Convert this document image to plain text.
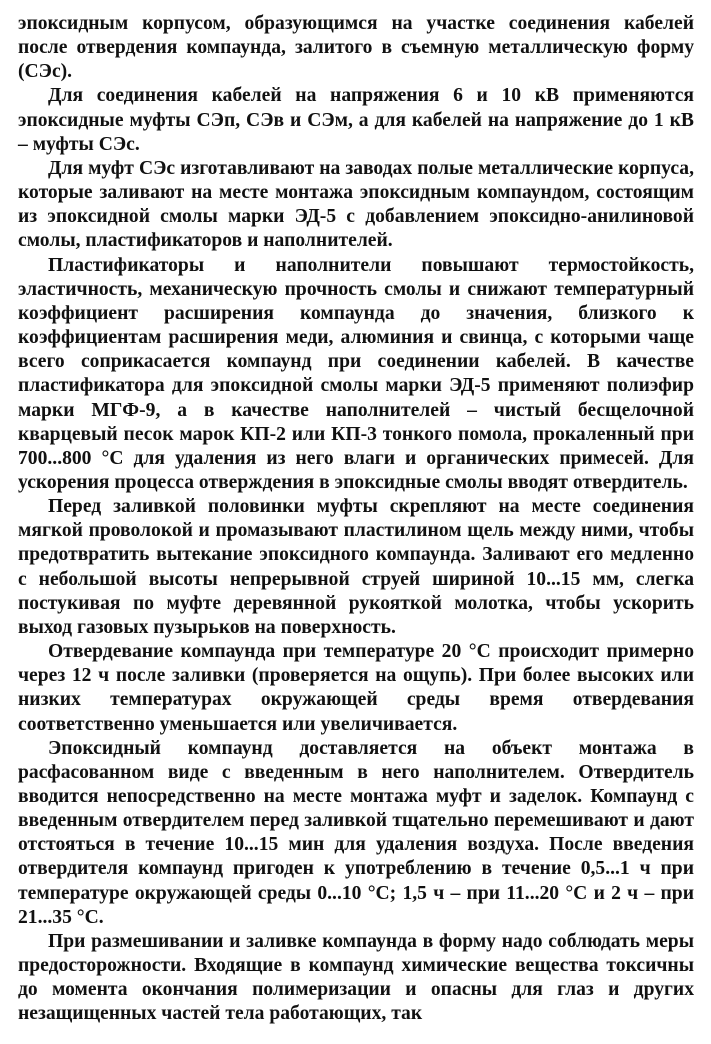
эпоксидным корпусом, образующимся на участке соединения кабелей после отвердения компаунда, залитого в съемную металлическую форму (СЭс).

Для соединения кабелей на напряжения 6 и 10 кВ применяются эпоксидные муфты СЭп, СЭв и СЭм, а для кабелей на напряжение до 1 кВ – муфты СЭс.

Для муфт СЭс изготавливают на заводах полые металлические корпуса, которые заливают на месте монтажа эпоксидным компаундом, состоящим из эпоксидной смолы марки ЭД-5 с добавлением эпоксидно-анилиновой смолы, пластификаторов и наполнителей.

Пластификаторы и наполнители повышают термостойкость, эластичность, механическую прочность смолы и снижают температурный коэффициент расширения компаунда до значения, близкого к коэффициентам расширения меди, алюминия и свинца, с которыми чаще всего соприкасается компаунд при соединении кабелей. В качестве пластификатора для эпоксидной смолы марки ЭД-5 применяют полиэфир марки МГФ-9, а в качестве наполнителей – чистый бесщелочной кварцевый песок марок КП-2 или КП-3 тонкого помола, прокаленный при 700...800 °С для удаления из него влаги и органических примесей. Для ускорения процесса отверждения в эпоксидные смолы вводят отвердитель.

Перед заливкой половинки муфты скрепляют на месте соединения мягкой проволокой и промазывают пластилином щель между ними, чтобы предотвратить вытекание эпоксидного компаунда. Заливают его медленно с небольшой высоты непрерывной струей шириной 10...15 мм, слегка постукивая по муфте деревянной рукояткой молотка, чтобы ускорить выход газовых пузырьков на поверхность.

Отвердевание компаунда при температуре 20 °С происходит примерно через 12 ч после заливки (проверяется на ощупь). При более высоких или низких температурах окружающей среды время отвердевания соответственно уменьшается или увеличивается.

Эпоксидный компаунд доставляется на объект монтажа в расфасованном виде с введенным в него наполнителем. Отвердитель вводится непосредственно на месте монтажа муфт и заделок. Компаунд с введенным отвердителем перед заливкой тщательно перемешивают и дают отстояться в течение 10...15 мин для удаления воздуха. После введения отвердителя компаунд пригоден к употреблению в течение 0,5...1 ч при температуре окружающей среды 0...10 °С; 1,5 ч – при 11...20 °С и 2 ч – при 21...35 °С.

При размешивании и заливке компаунда в форму надо соблюдать меры предосторожности. Входящие в компаунд химические вещества токсичны до момента окончания полимеризации и опасны для глаз и других незащищенных частей тела работающих, так
